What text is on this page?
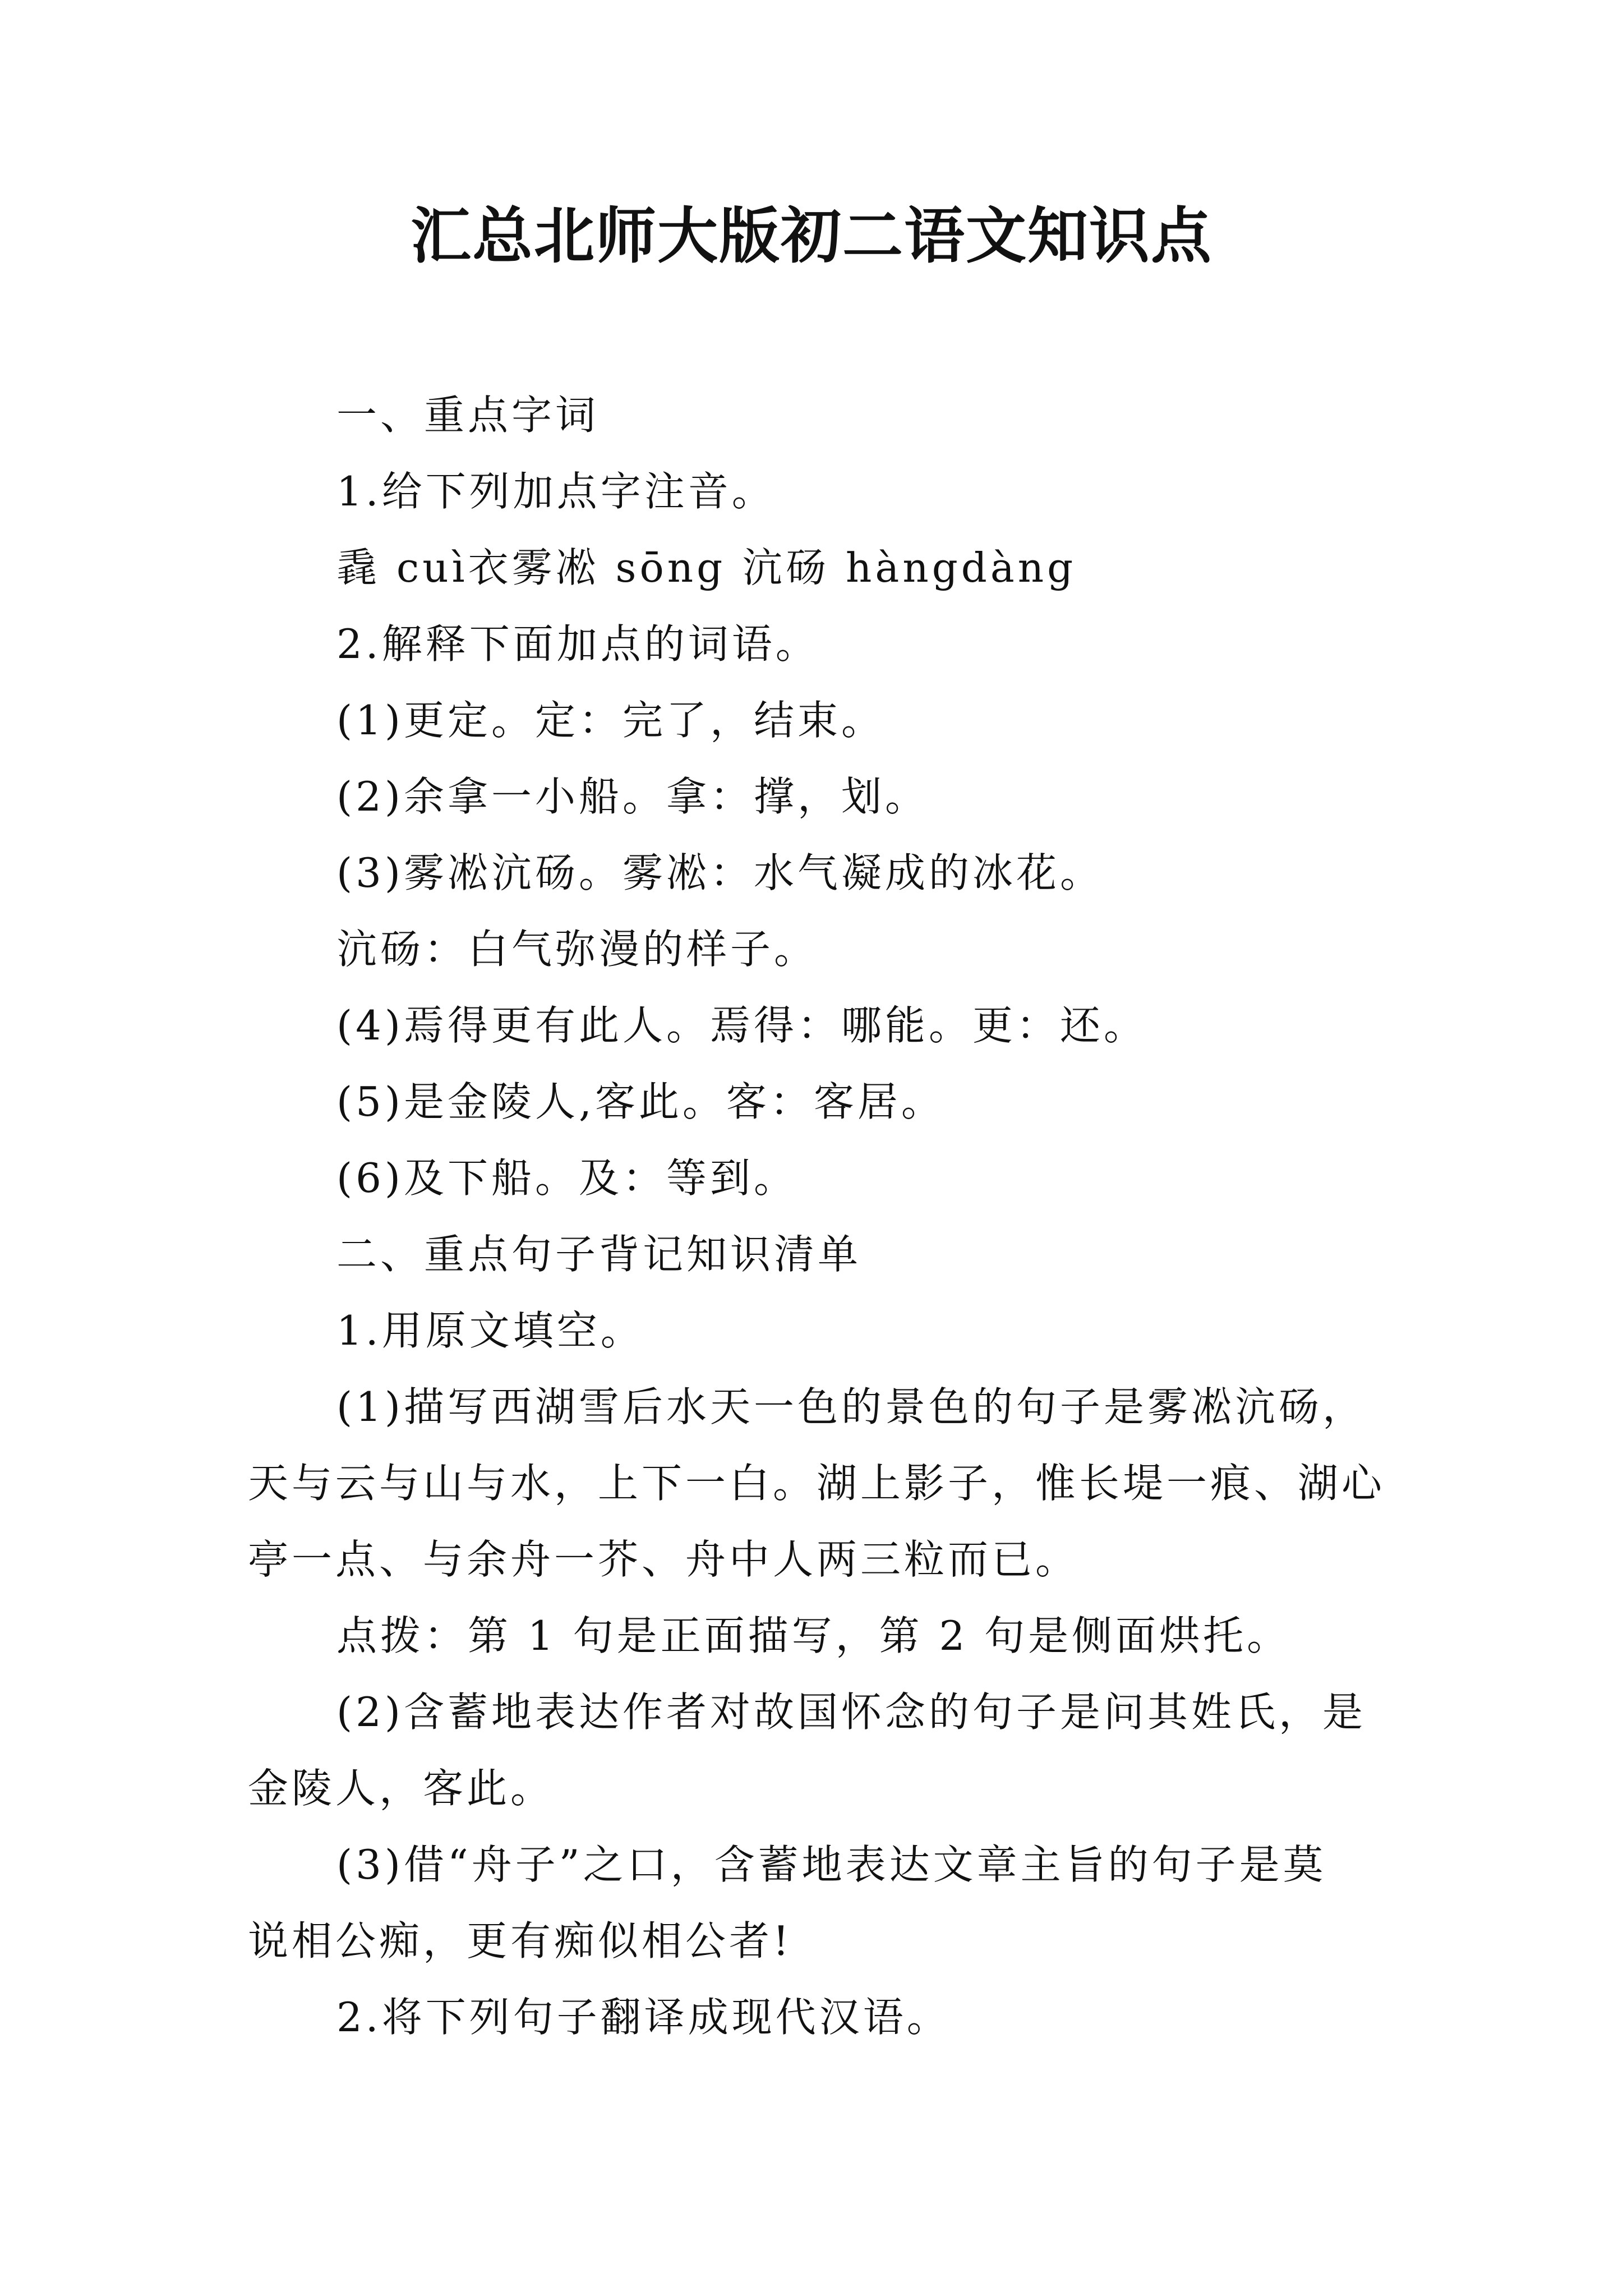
汇总北师大版初二语文知识点

一、重点字词

1.给下列加点字注音。

毳 cuì衣雾凇 sōng 沆砀 hàngdàng

2.解释下面加点的词语。

(1)更定。定：完了，结束。

(2)余拿一小船。拿：撑，划。

(3)雾凇沆砀。雾凇：水气凝成的冰花。

沆砀：白气弥漫的样子。

(4)焉得更有此人。焉得：哪能。更：还。

(5)是金陵人,客此。客：客居。

(6)及下船。及：等到。

二、重点句子背记知识清单

1.用原文填空。

(1)描写西湖雪后水天一色的景色的句子是雾凇沆砀，

天与云与山与水，上下一白。湖上影子，惟长堤一痕、湖心

亭一点、与余舟一芥、舟中人两三粒而已。

点拨：第 1 句是正面描写，第 2 句是侧面烘托。

(2)含蓄地表达作者对故国怀念的句子是问其姓氏，是

金陵人，客此。

(3)借“舟子”之口，含蓄地表达文章主旨的句子是莫

说相公痴，更有痴似相公者!

2.将下列句子翻译成现代汉语。
